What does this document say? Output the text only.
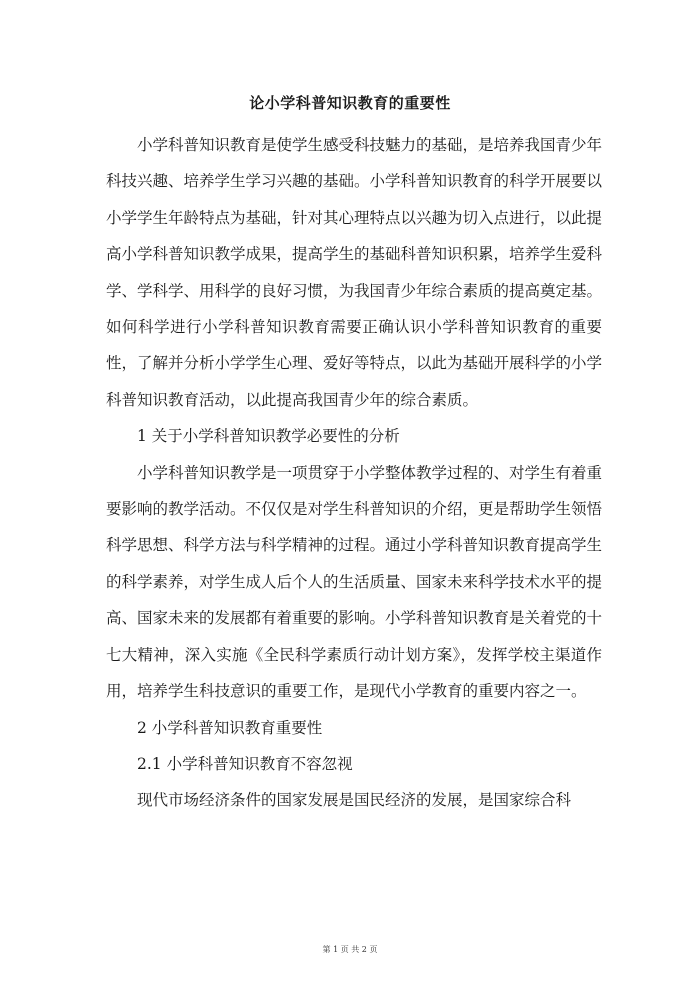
论小学科普知识教育的重要性

小学科普知识教育是使学生感受科技魅力的基础，是培养我国青少年科技兴趣、培养学生学习兴趣的基础。小学科普知识教育的科学开展要以小学学生年龄特点为基础，针对其心理特点以兴趣为切入点进行，以此提高小学科普知识教学成果，提高学生的基础科普知识积累，培养学生爱科学、学科学、用科学的良好习惯，为我国青少年综合素质的提高奠定基。如何科学进行小学科普知识教育需要正确认识小学科普知识教育的重要性，了解并分析小学学生心理、爱好等特点，以此为基础开展科学的小学科普知识教育活动，以此提高我国青少年的综合素质。

1 关于小学科普知识教学必要性的分析

小学科普知识教学是一项贯穿于小学整体教学过程的、对学生有着重要影响的教学活动。不仅仅是对学生科普知识的介绍，更是帮助学生领悟科学思想、科学方法与科学精神的过程。通过小学科普知识教育提高学生的科学素养，对学生成人后个人的生活质量、国家未来科学技术水平的提高、国家未来的发展都有着重要的影响。小学科普知识教育是关着党的十七大精神，深入实施《全民科学素质行动计划方案》，发挥学校主渠道作用，培养学生科技意识的重要工作，是现代小学教育的重要内容之一。

2 小学科普知识教育重要性

2.1 小学科普知识教育不容忽视

现代市场经济条件的国家发展是国民经济的发展，是国家综合科

第 1 页 共 2 页
